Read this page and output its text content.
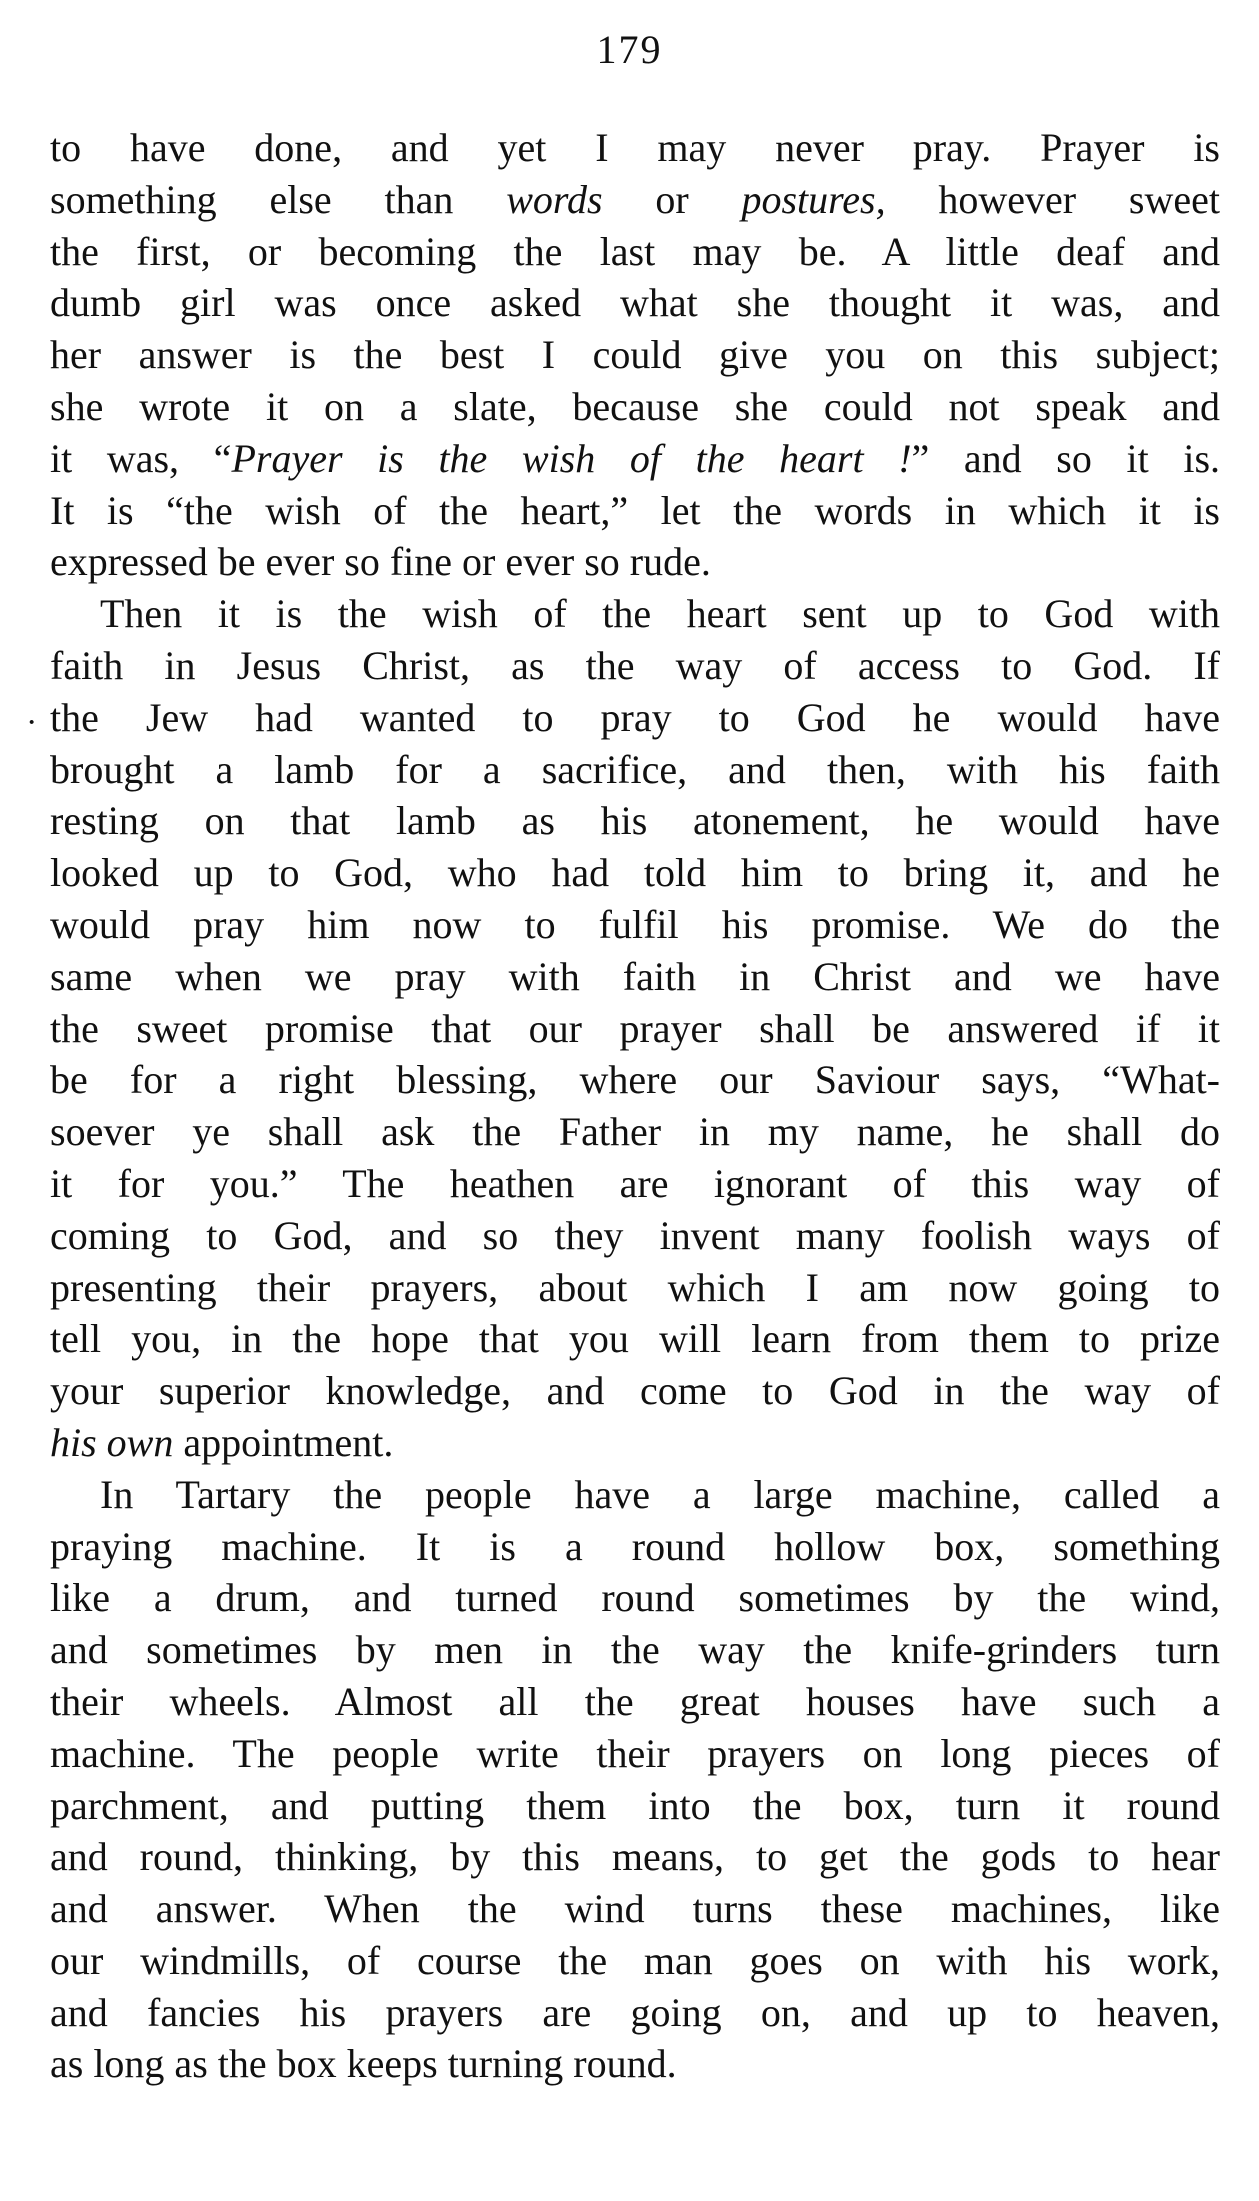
179
·
to have done, and yet I may never pray. Prayer is
something else than words or postures, however sweet
the first, or becoming the last may be. A little deaf and
dumb girl was once asked what she thought it was, and
her answer is the best I could give you on this subject;
she wrote it on a slate, because she could not speak and
it was, “Prayer is the wish of the heart !” and so it is.
It is “the wish of the heart,” let the words in which it is
expressed be ever so fine or ever so rude.
Then it is the wish of the heart sent up to God with
faith in Jesus Christ, as the way of access to God. If
the Jew had wanted to pray to God he would have
brought a lamb for a sacrifice, and then, with his faith
resting on that lamb as his atonement, he would have
looked up to God, who had told him to bring it, and he
would pray him now to fulfil his promise. We do the
same when we pray with faith in Christ and we have
the sweet promise that our prayer shall be answered if it
be for a right blessing, where our Saviour says, “What-
soever ye shall ask the Father in my name, he shall do
it for you.” The heathen are ignorant of this way of
coming to God, and so they invent many foolish ways of
presenting their prayers, about which I am now going to
tell you, in the hope that you will learn from them to prize
your superior knowledge, and come to God in the way of
his own appointment.
In Tartary the people have a large machine, called a
praying machine. It is a round hollow box, something
like a drum, and turned round sometimes by the wind,
and sometimes by men in the way the knife-grinders turn
their wheels. Almost all the great houses have such a
machine. The people write their prayers on long pieces of
parchment, and putting them into the box, turn it round
and round, thinking, by this means, to get the gods to hear
and answer. When the wind turns these machines, like
our windmills, of course the man goes on with his work,
and fancies his prayers are going on, and up to heaven,
as long as the box keeps turning round.
